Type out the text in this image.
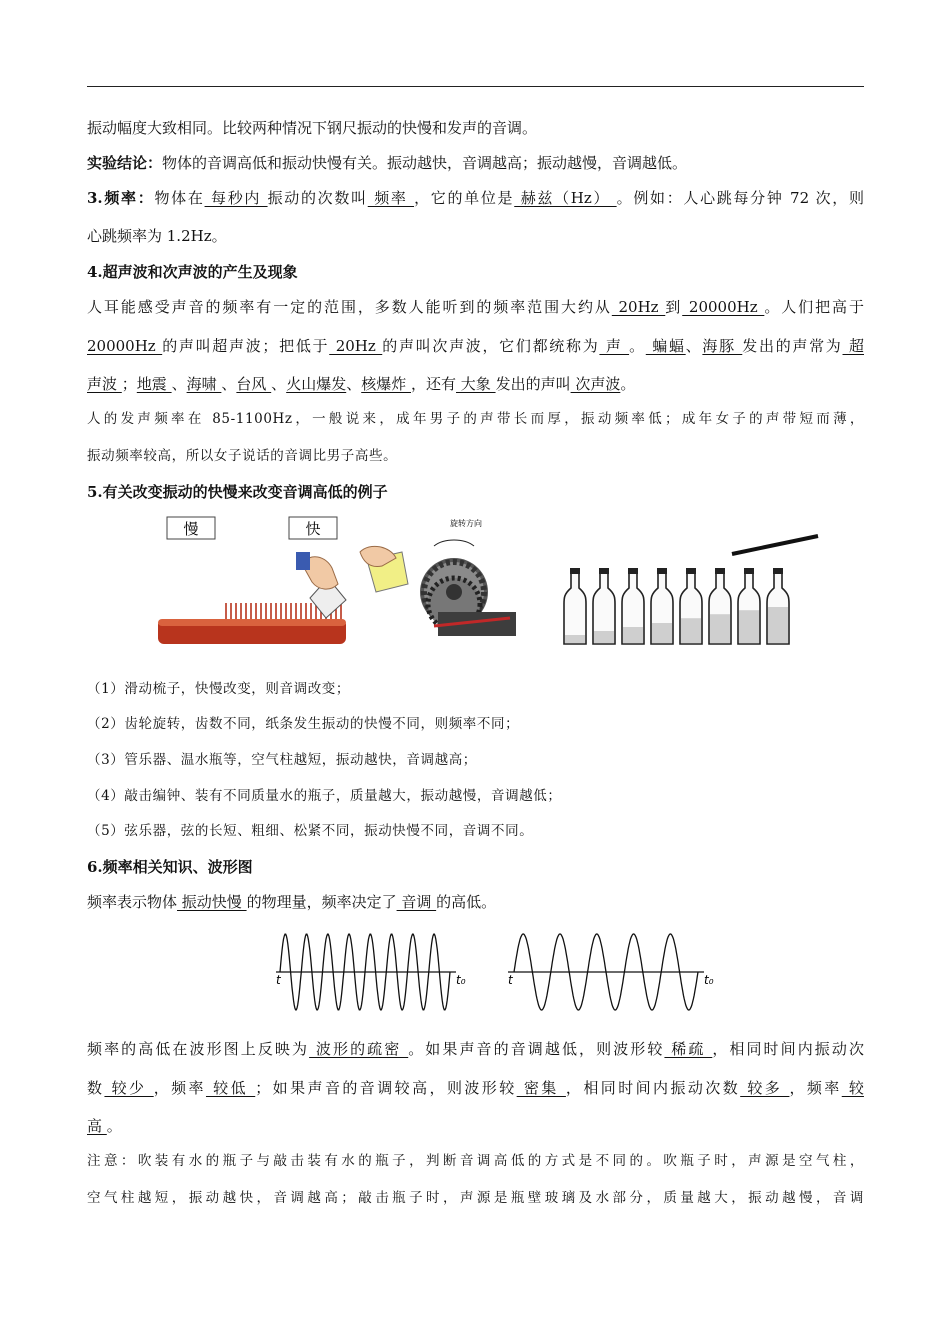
振动幅度大致相同。比较两种情况下钢尺振动的快慢和发声的音调。
实验结论：物体的音调高低和振动快慢有关。振动越快，音调越高；振动越慢，音调越低。
3.频率：物体在 每秒内 振动的次数叫 频率 ，它的单位是 赫兹（Hz） 。例如：人心跳每分钟 72 次，则
心跳频率为 1.2Hz。
4.超声波和次声波的产生及现象
人耳能感受声音的频率有一定的范围，多数人能听到的频率范围大约从 20Hz 到 20000Hz 。人们把高于
20000Hz 的声叫超声波；把低于 20Hz 的声叫次声波，它们都统称为 声 。 蝙蝠、海豚 发出的声常为 超
声波 ；地震 、海啸 、台风 、火山爆发、核爆炸 ，还有 大象 发出的声叫 次声波。
人的发声频率在 85-1100Hz，一般说来，成年男子的声带长而厚，振动频率低；成年女子的声带短而薄，
振动频率较高，所以女子说话的音调比男子高些。
5.有关改变振动的快慢来改变音调高低的例子
慢	快	旋转方向
（1）滑动梳子，快慢改变，则音调改变；
（2）齿轮旋转，齿数不同，纸条发生振动的快慢不同，则频率不同；
（3）管乐器、温水瓶等，空气柱越短，振动越快，音调越高；
（4）敲击编钟、装有不同质量水的瓶子，质量越大，振动越慢，音调越低；
（5）弦乐器，弦的长短、粗细、松紧不同，振动快慢不同，音调不同。
6.频率相关知识、波形图
频率表示物体 振动快慢 的物理量，频率决定了 音调 的高低。
t	t₀	t	t₀
频率的高低在波形图上反映为 波形的疏密 。如果声音的音调越低，则波形较 稀疏 ，相同时间内振动次
数 较少 ，频率 较低 ；如果声音的音调较高，则波形较 密集 ，相同时间内振动次数 较多 ，频率 较
高 。
注意：吹装有水的瓶子与敲击装有水的瓶子，判断音调高低的方式是不同的。吹瓶子时，声源是空气柱，
空气柱越短，振动越快，音调越高；敲击瓶子时，声源是瓶壁玻璃及水部分，质量越大，振动越慢，音调
